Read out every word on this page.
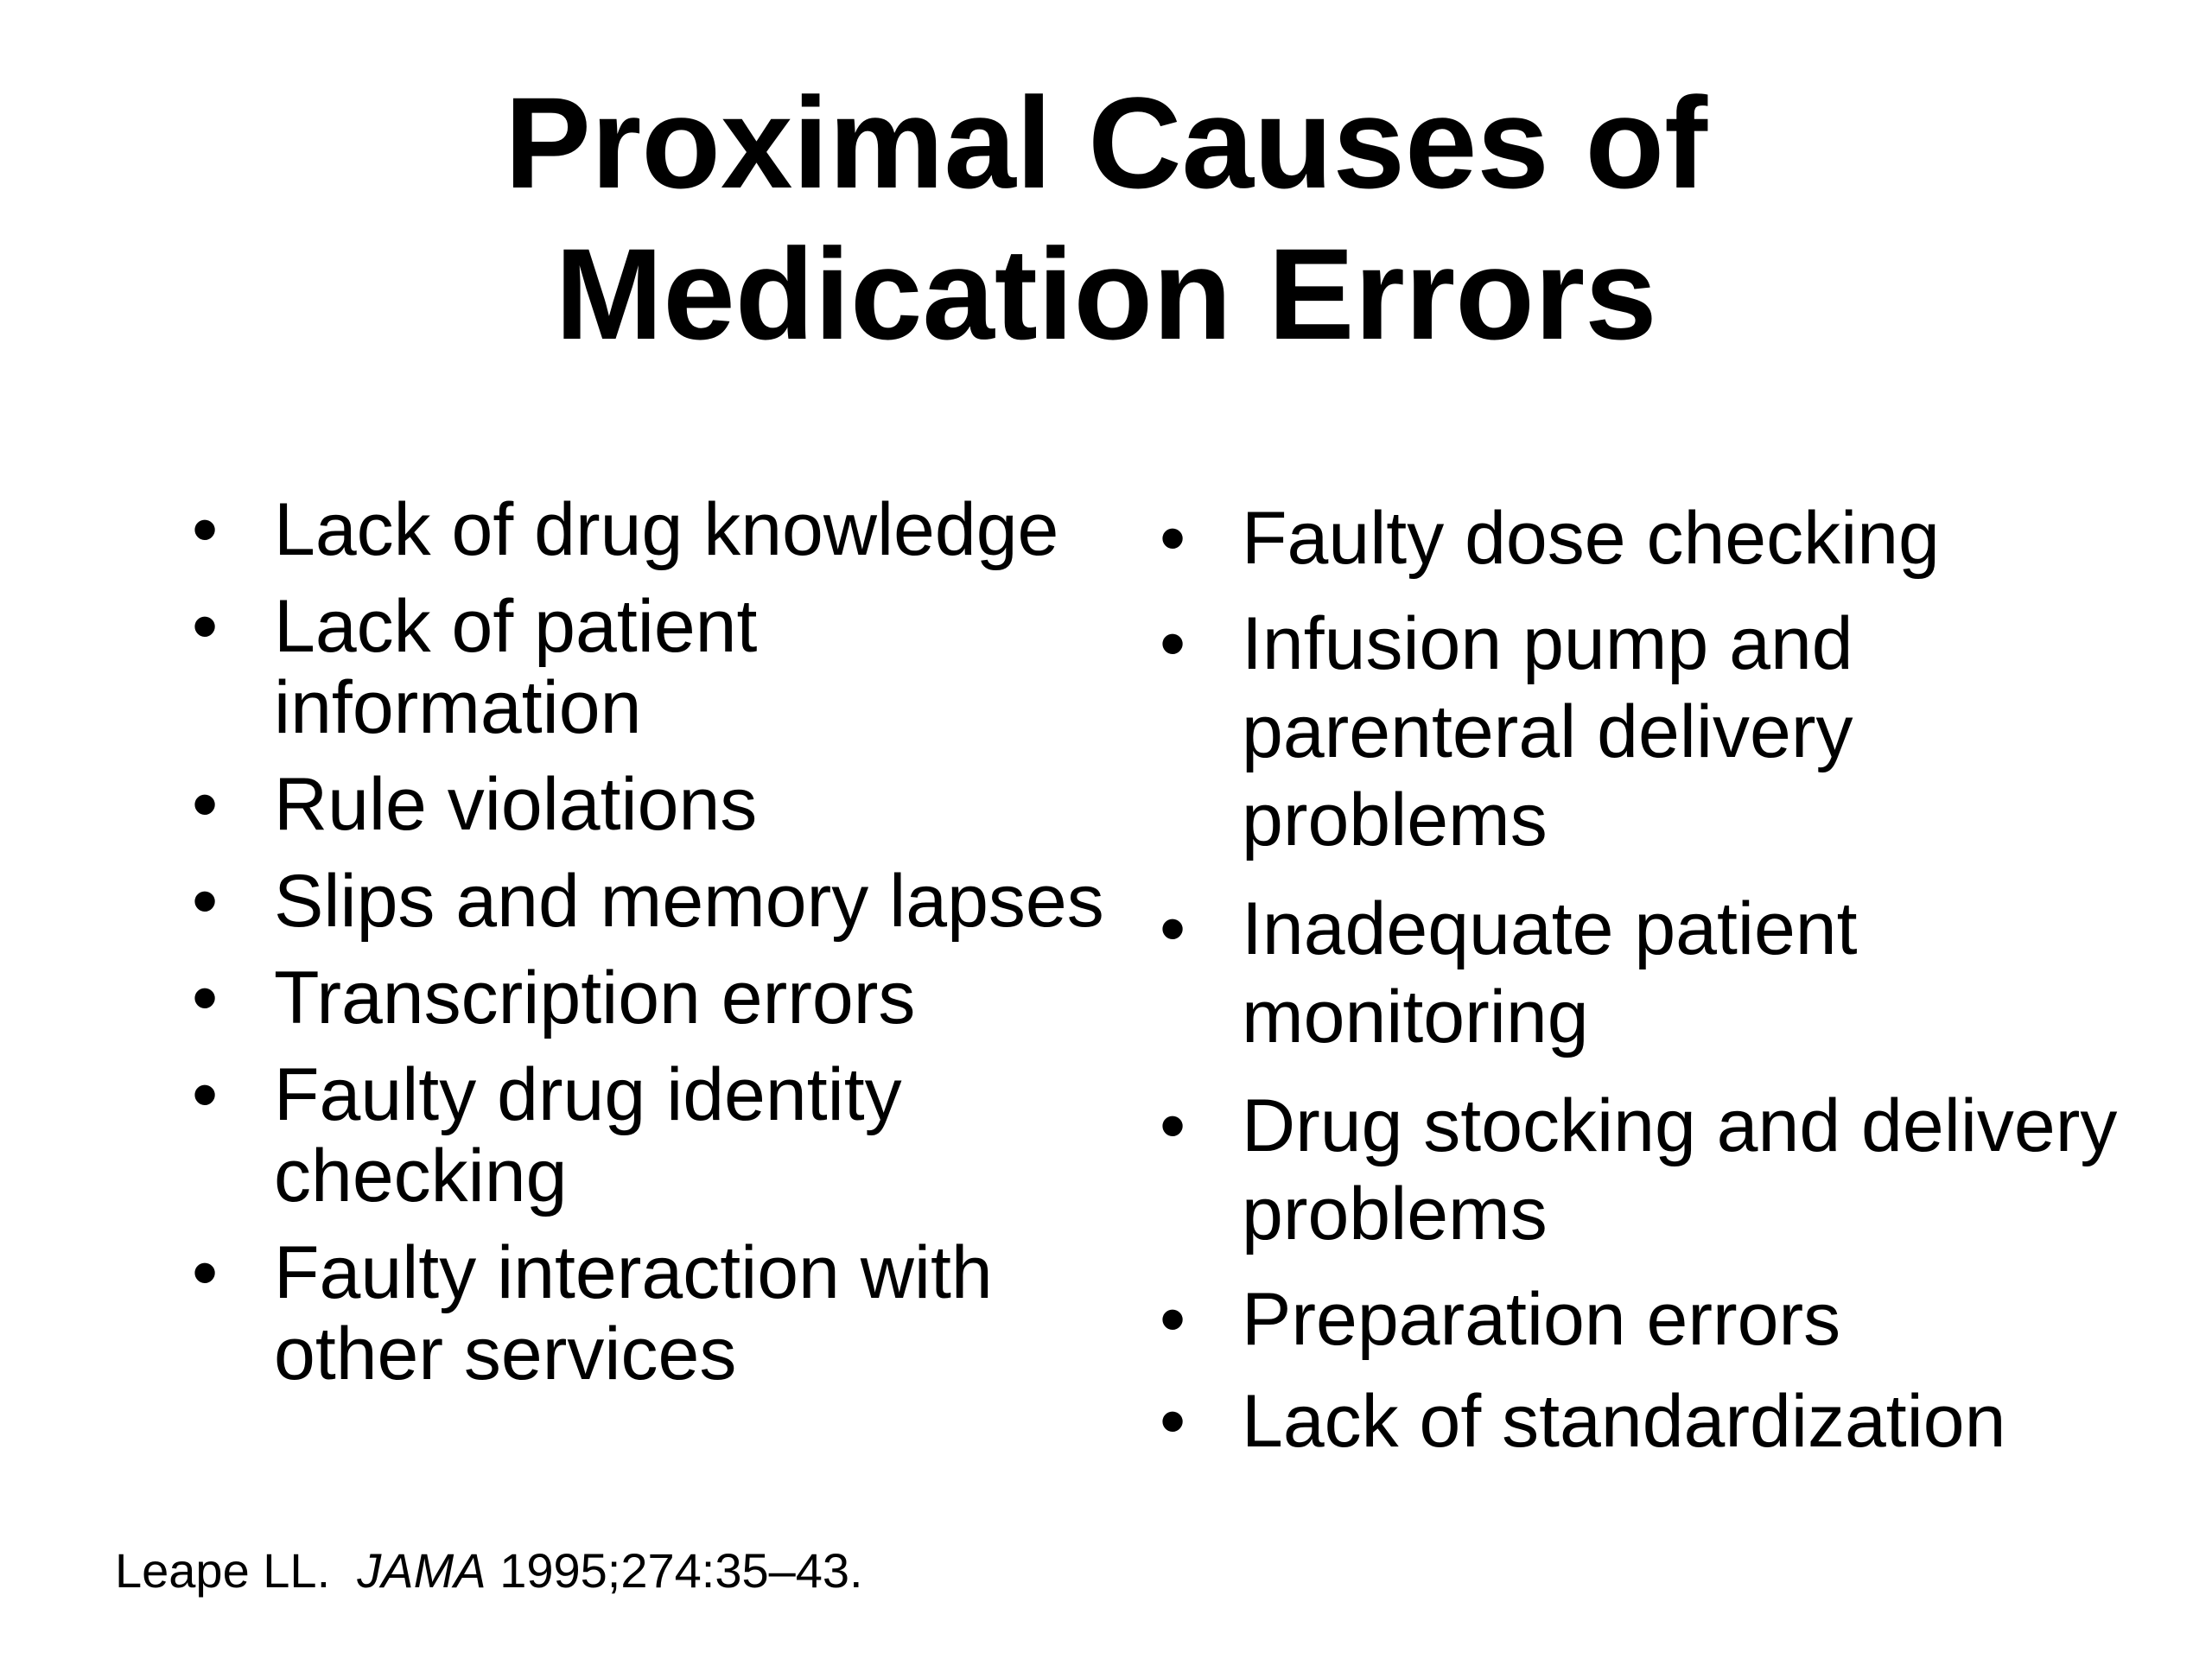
Proximal Causes of
Medication Errors
• Lack of drug knowledge
• Lack of patient information
• Rule violations
• Slips and memory lapses
• Transcription errors
• Faulty drug identity checking
• Faulty interaction with other services
• Faulty dose checking
• Infusion pump and parenteral delivery problems
• Inadequate patient monitoring
• Drug stocking and delivery problems
• Preparation errors
• Lack of standardization
Leape LL. JAMA 1995;274:35–43.
